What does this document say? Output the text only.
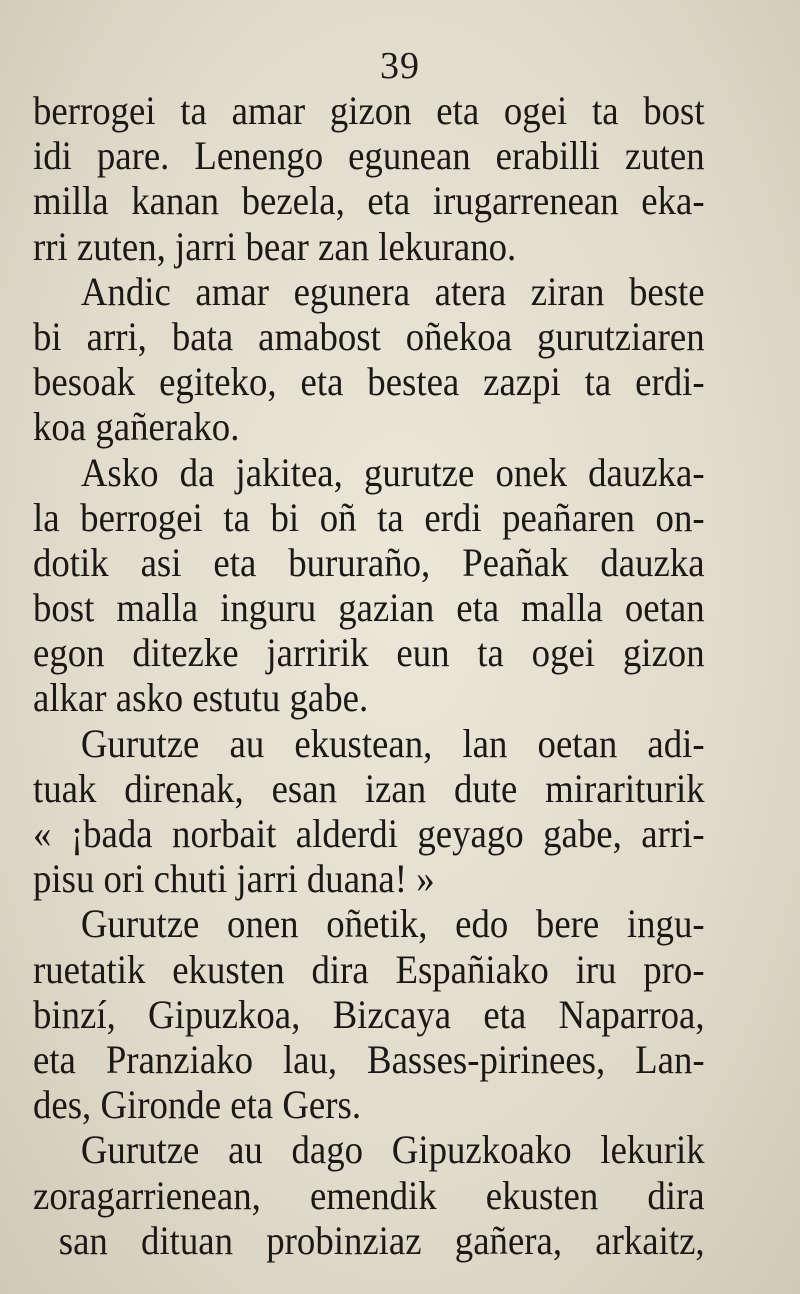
39
berrogei ta amar gizon eta ogei ta bost
idi pare. Lenengo egunean erabilli zuten
milla kanan bezela, eta irugarrenean eka-
rri zuten, jarri bear zan lekurano.
Andic amar egunera atera ziran beste
bi arri, bata amabost oñekoa gurutziaren
besoak egiteko, eta bestea zazpi ta erdi-
koa gañerako.
Asko da jakitea, gurutze onek dauzka-
la berrogei ta bi oñ ta erdi peañaren on-
dotik asi eta bururaño, Peañak dauzka
bost malla inguru gazian eta malla oetan
egon ditezke jarririk eun ta ogei gizon
alkar asko estutu gabe.
Gurutze au ekustean, lan oetan adi-
tuak direnak, esan izan dute mirariturik
« ¡bada norbait alderdi geyago gabe, arri-
pisu ori chuti jarri duana! »
Gurutze onen oñetik, edo bere ingu-
ruetatik ekusten dira Españiako iru pro-
binzí, Gipuzkoa, Bizcaya eta Naparroa,
eta Pranziako lau, Basses-pirinees, Lan-
des, Gironde eta Gers.
Gurutze au dago Gipuzkoako lekurik
zoragarrienean, emendik ekusten dira
san dituan probinziaz gañera, arkaitz,
